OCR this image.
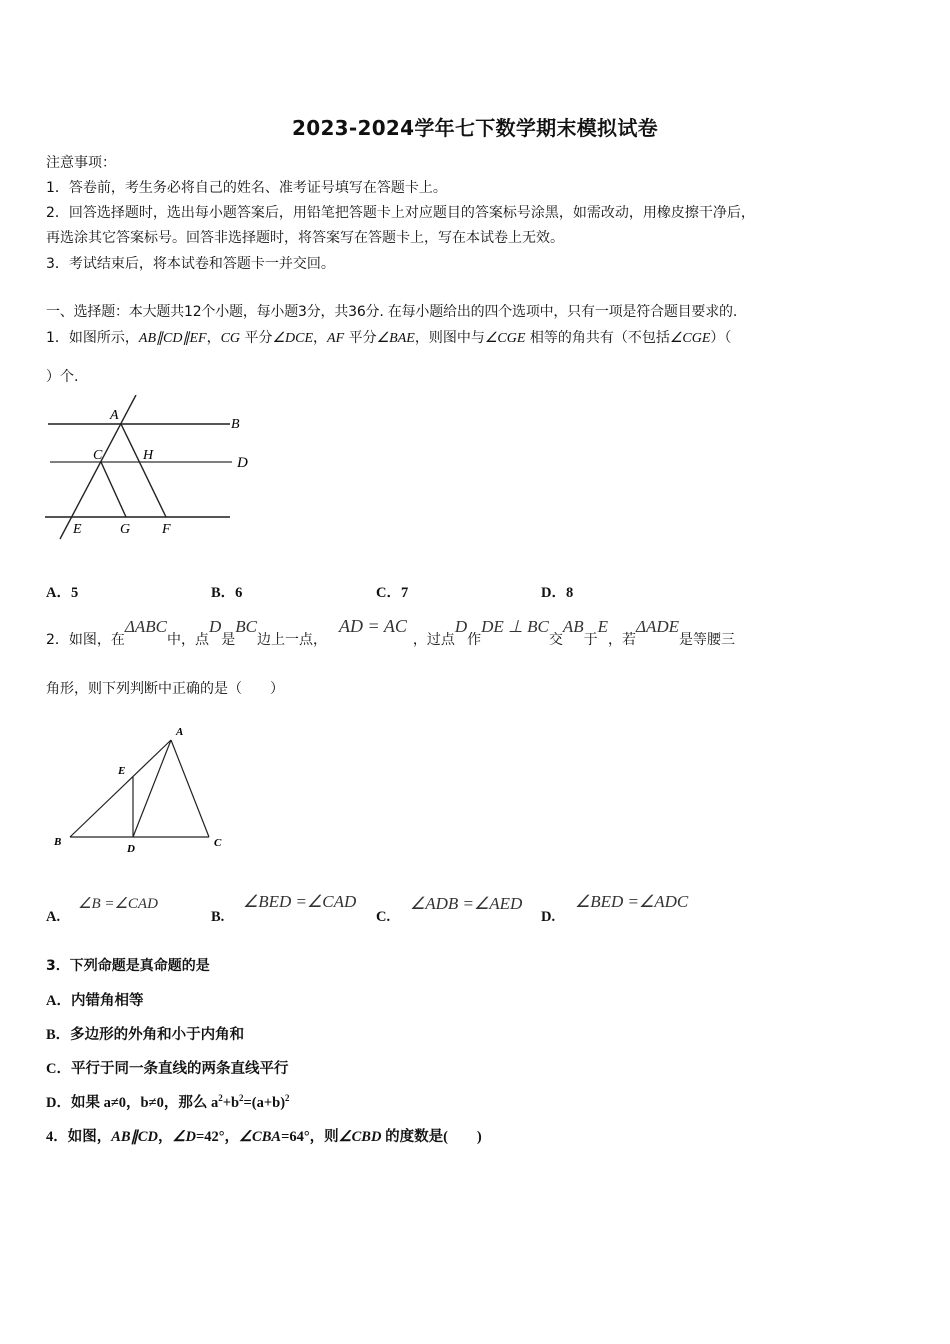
2023-2024学年七下数学期末模拟试卷
注意事项：
1．答卷前，考生务必将自己的姓名、准考证号填写在答题卡上。
2．回答选择题时，选出每小题答案后，用铅笔把答题卡上对应题目的答案标号涂黑，如需改动，用橡皮擦干净后，
再选涂其它答案标号。回答非选择题时，将答案写在答题卡上，写在本试卷上无效。
3．考试结束后，将本试卷和答题卡一并交回。
一、选择题：本大题共12个小题，每小题3分，共36分. 在每小题给出的四个选项中，只有一项是符合题目要求的.
1．如图所示，AB∥CD∥EF，CG 平分∠DCE，AF 平分∠BAE，则图中与∠CGE 相等的角共有（不包括∠CGE）（
）个.
A
B
C	H	D
E	G F
A．5	B．6	C．7	D．8
2．如图，在ΔABC中，点D是BC边上一点，AD = AC，过点D作DE ⊥ BC交AB于E，若ΔADE是等腰三
角形，则下列判断中正确的是（　　）
A
E
B
D	C
A.
∠B =∠CAD
B.
∠BED =∠CAD
C.
∠ADB =∠AED
D.
∠BED =∠ADC
3．下列命题是真命题的是
A．内错角相等
B．多边形的外角和小于内角和
C．平行于同一条直线的两条直线平行
D．如果 a≠0，b≠0，那么 $a^2+b^2=(a+b)^2$
4．如图，AB∥CD，∠D=42°，∠CBA=64°，则∠CBD 的度数是(　　)
